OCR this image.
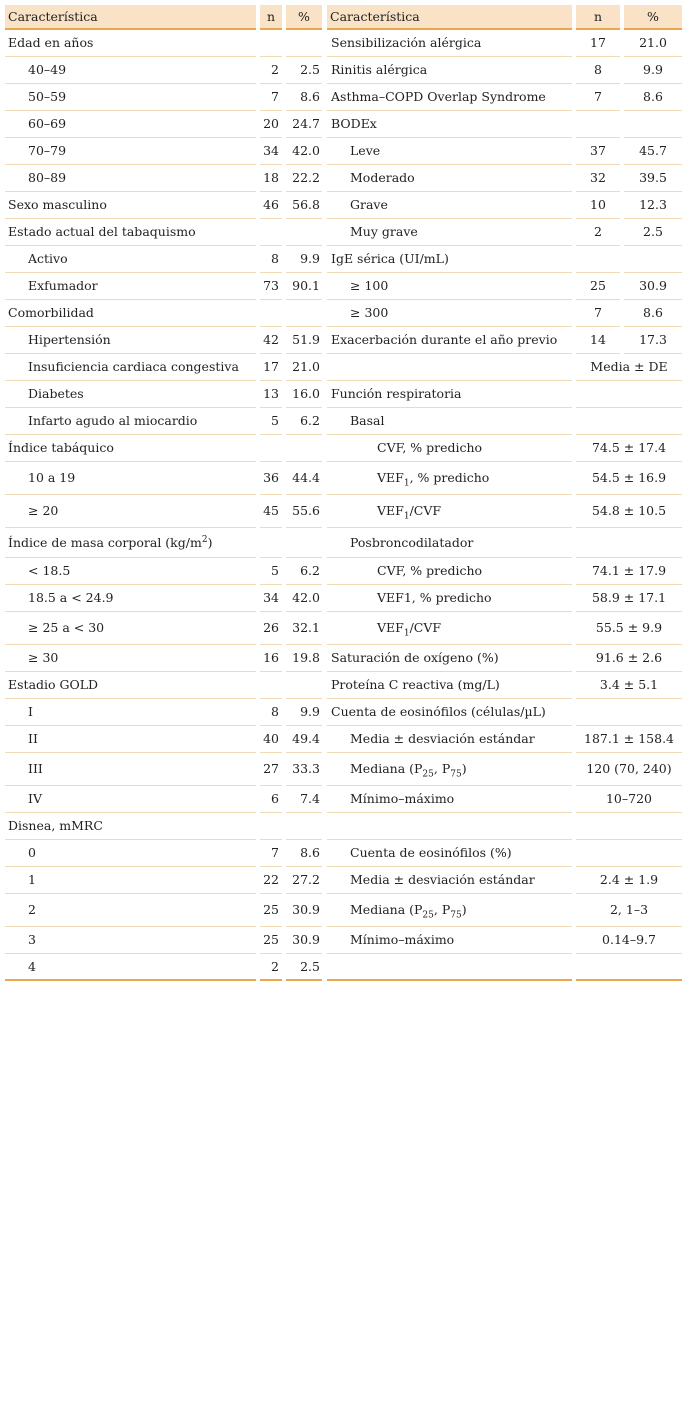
Característica		n		%		Característica		n		%
Edad en años						Sensibilización alérgica		17		21.0
40–49		2		2.5		Rinitis alérgica		8		9.9
50–59		7		8.6		Asthma–COPD Overlap Syndrome		7		8.6
60–69		20		24.7		BODEx				
70–79		34		42.0		Leve		37		45.7
80–89		18		22.2		Moderado		32		39.5
Sexo masculino		46		56.8		Grave		10		12.3
Estado actual del tabaquismo						Muy grave		2		2.5
Activo		8		9.9		IgE sérica (UI/mL)				
Exfumador		73		90.1		≥ 100		25		30.9
Comorbilidad						≥ 300		7		8.6
Hipertensión		42		51.9		Exacerbación durante el año previo		14		17.3
Insuficiencia cardiaca congestiva		17		21.0				Media ± DE		
Diabetes		13		16.0		Función respiratoria				
Infarto agudo al miocardio		5		6.2		Basal				
Índice tabáquico						CVF, % predicho		74.5 ± 17.4		
10 a 19		36		44.4		$VEF_1$, % predicho		54.5 ± 16.9		
≥ 20		45		55.6		$VEF_1$/CVF		54.8 ± 10.5		
Índice de masa corporal $(kg/m^2)$						Posbroncodilatador				
< 18.5		5		6.2		CVF, % predicho		74.1 ± 17.9		
18.5 a < 24.9		34		42.0		VEF1, % predicho		58.9 ± 17.1		
≥ 25 a < 30		26		32.1		$VEF_1$/CVF		55.5 ± 9.9		
≥ 30		16		19.8		Saturación de oxígeno (%)		91.6 ± 2.6		
Estadio GOLD						Proteína C reactiva (mg/L)		3.4 ± 5.1		
I		8		9.9		Cuenta de eosinófilos (células/µL)				
II		40		49.4		Media ± desviación estándar		187.1 ± 158.4		
III		27		33.3		Mediana ($P_{25}$, $P_{75}$)		120 (70, 240)		
IV		6		7.4		Mínimo–máximo		10–720		
Disnea, mMRC										
0		7		8.6		Cuenta de eosinófilos (%)				
1		22		27.2		Media ± desviación estándar		2.4 ± 1.9		
2		25		30.9		Mediana ($P_{25}$, $P_{75}$)		2, 1–3		
3		25		30.9		Mínimo–máximo		0.14–9.7		
4		2		2.5						
